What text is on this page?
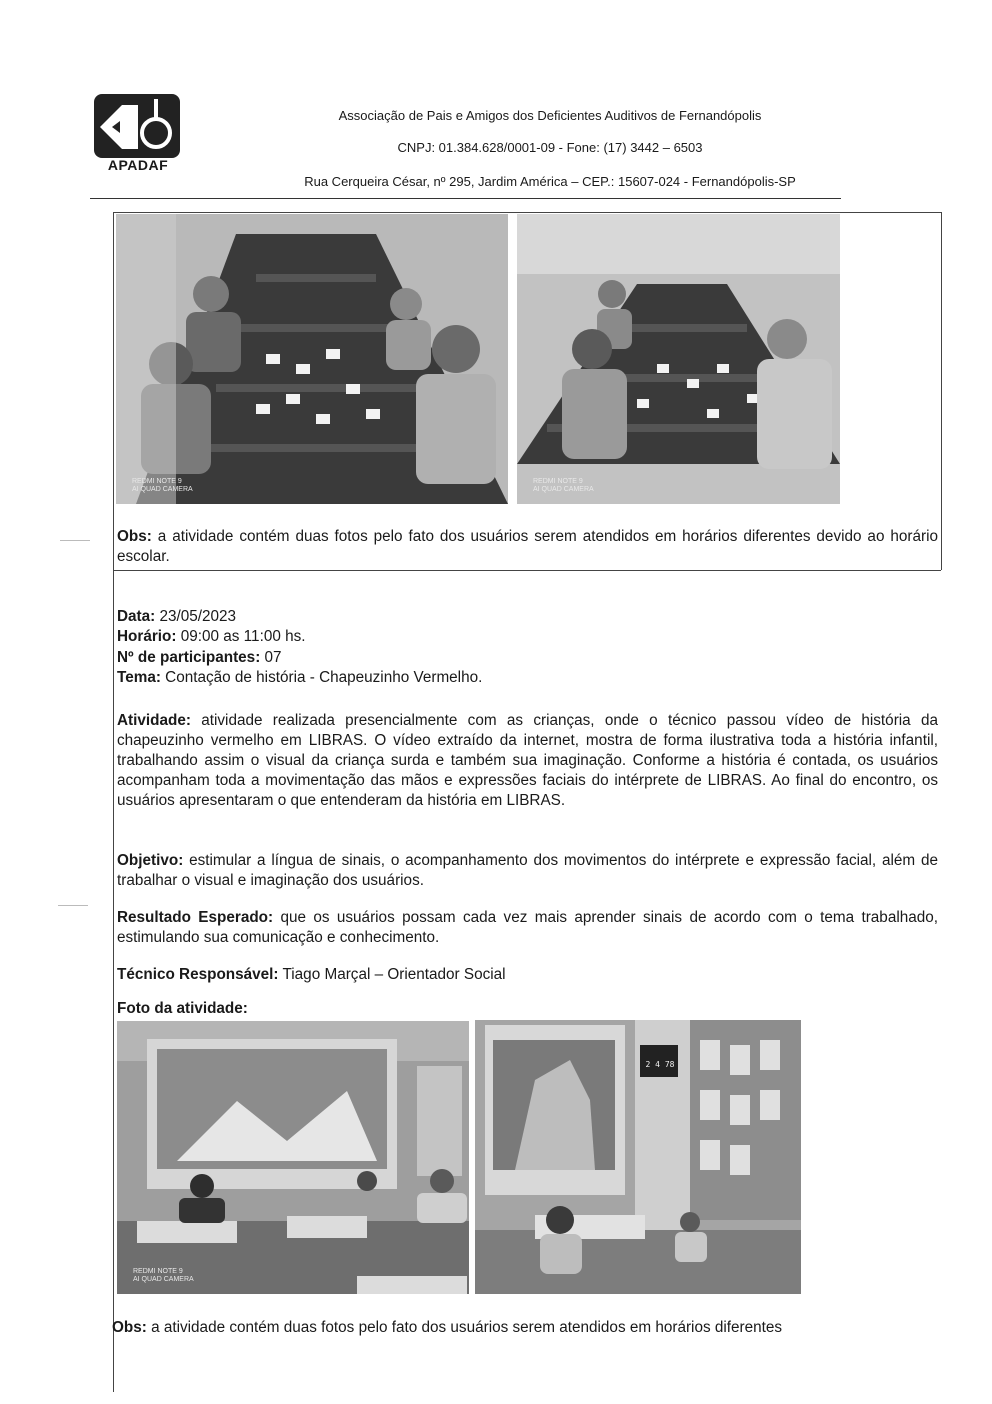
APADAF
Associação de Pais e Amigos dos Deficientes Auditivos de Fernandópolis
CNPJ: 01.384.628/0001-09 - Fone: (17) 3442 – 6503
Rua Cerqueira César, nº 295, Jardim América – CEP.: 15607-024 - Fernandópolis-SP
REDMI NOTE 9
AI QUAD CAMERA
REDMI NOTE 9
AI QUAD CAMERA
Obs: a atividade contém duas fotos pelo fato dos usuários serem atendidos em horários diferentes devido ao horário escolar.
Data: 23/05/2023
Horário: 09:00 as 11:00 hs.
Nº de participantes: 07
Tema: Contação de história - Chapeuzinho Vermelho.
Atividade: atividade realizada presencialmente com as crianças, onde o técnico passou vídeo de história da chapeuzinho vermelho em LIBRAS. O vídeo extraído da internet, mostra de forma ilustrativa toda a história infantil, trabalhando assim o visual da criança surda e também sua imaginação. Conforme a história é contada, os usuários acompanham toda a movimentação das mãos e expressões faciais do intérprete de LIBRAS. Ao final do encontro, os usuários apresentaram o que entenderam da história em LIBRAS.
Objetivo: estimular a língua de sinais, o acompanhamento dos movimentos do intérprete e expressão facial, além de trabalhar o visual e imaginação dos usuários.
Resultado Esperado: que os usuários possam cada vez mais aprender sinais de acordo com o tema trabalhado, estimulando sua comunicação e conhecimento.
Técnico Responsável: Tiago Marçal – Orientador Social
Foto da atividade:
REDMI NOTE 9
AI QUAD CAMERA
2 4 78
Obs: a atividade contém duas fotos pelo fato dos usuários serem atendidos em horários diferentes
